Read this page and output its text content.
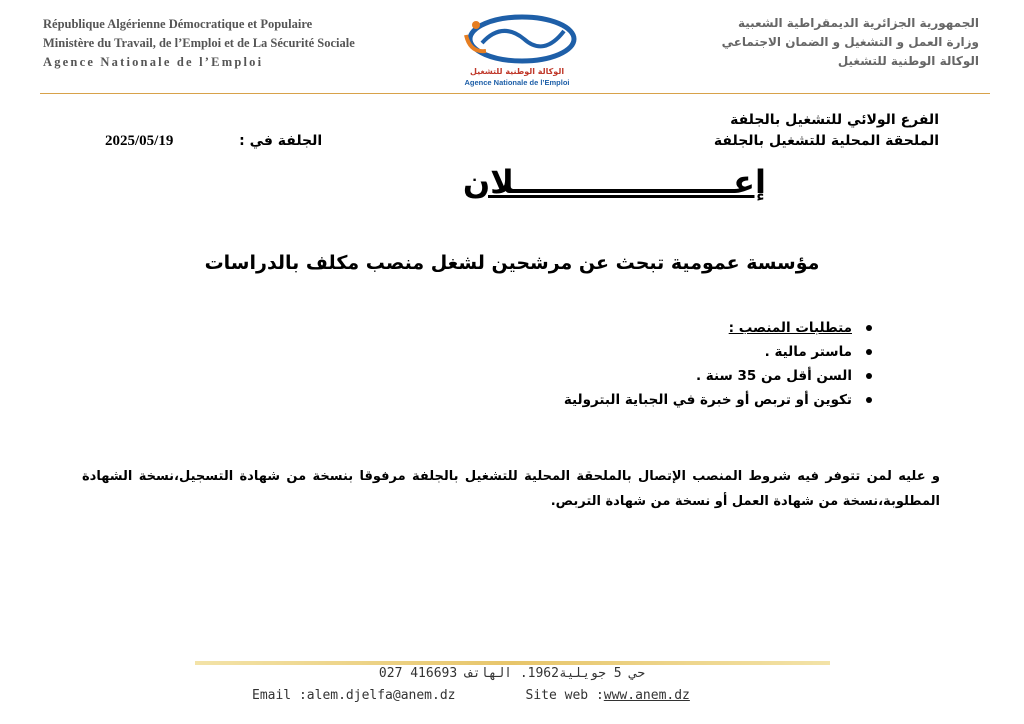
République Algérienne Démocratique et Populaire
Ministère du Travail, de l’Emploi et de La Sécurité Sociale
Agence Nationale de l’Emploi
الوكالة الوطنية للتشغيل
Agence Nationale de l’Emploi
الجمهورية الجزائرية الديمقراطية الشعبية
وزارة العمل و التشغيل و الضمان الاجتماعي
الوكالة الوطنية للتشغيل
الفرع الولائي للتشغيل بالجلفة
الملحقة المحلية للتشغيل بالجلفة
2025/05/19	الجلفة في :
إعــــــــــــــــــــلان
مؤسسة عمومية تبحث عن مرشحين لشغل منصب مكلف بالدراسات
متطلبات المنصب :
ماستر مالية .
السن أقل من 35 سنة .
تكوين أو تربص أو خبرة في الجباية البترولية
و عليه لمن تتوفر فيه شروط المنصب الإتصال بالملحقة المحلية للتشغيل بالجلفة مرفوقا بنسخة من شهادة التسجيل،نسخة الشهادة المطلوبة،نسخة من شهادة العمل أو نسخة من شهادة التربص.
حي 5 جويلية1962. الهاتف 416693 027
Email :alem.djelfa@anem.dz	Site web :www.anem.dz
